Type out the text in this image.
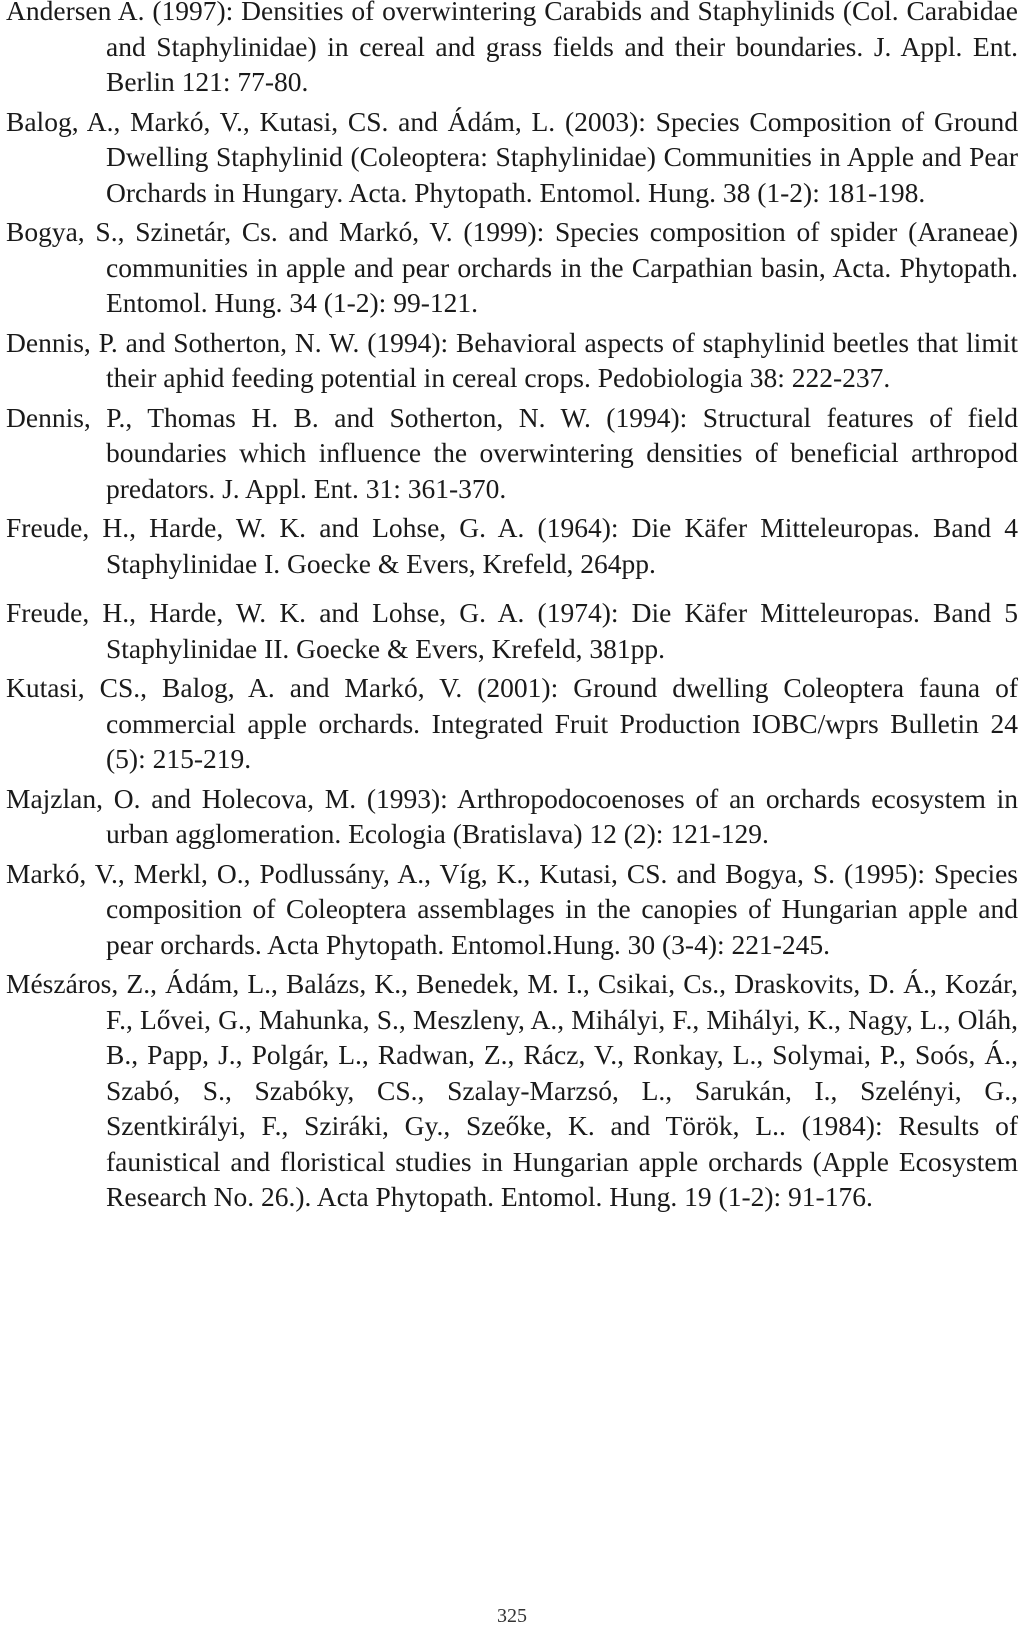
Andersen A. (1997): Densities of overwintering Carabids and Staphylinids (Col. Carabidae and Staphylinidae) in cereal and grass fields and their boundaries. J. Appl. Ent. Berlin 121: 77-80.
Balog, A., Markó, V., Kutasi, CS. and Ádám, L. (2003): Species Composition of Ground Dwelling Staphylinid (Coleoptera: Staphylinidae) Communities in Apple and Pear Orchards in Hungary. Acta. Phytopath. Entomol. Hung. 38 (1-2): 181-198.
Bogya, S., Szinetár, Cs. and Markó, V. (1999): Species composition of spider (Araneae) communities in apple and pear orchards in the Carpathian basin, Acta. Phytopath. Entomol. Hung. 34 (1-2): 99-121.
Dennis, P. and Sotherton, N. W. (1994): Behavioral aspects of staphylinid beetles that limit their aphid feeding potential in cereal crops. Pedobiologia 38: 222-237.
Dennis, P., Thomas H. B. and Sotherton, N. W. (1994): Structural features of field boundaries which influence the overwintering densities of beneficial arthropod predators. J. Appl. Ent. 31: 361-370.
Freude, H., Harde, W. K. and Lohse, G. A. (1964): Die Käfer Mitteleuropas. Band 4 Staphylinidae I. Goecke & Evers, Krefeld, 264pp.
Freude, H., Harde, W. K. and Lohse, G. A. (1974): Die Käfer Mitteleuropas. Band 5 Staphylinidae II. Goecke & Evers, Krefeld, 381pp.
Kutasi, CS., Balog, A. and Markó, V. (2001): Ground dwelling Coleoptera fauna of commercial apple orchards. Integrated Fruit Production IOBC/wprs Bulletin 24 (5): 215-219.
Majzlan, O. and Holecova, M. (1993): Arthropodocoenoses of an orchards ecosystem in urban agglomeration. Ecologia (Bratislava) 12 (2): 121-129.
Markó, V., Merkl, O., Podlussány, A., Víg, K., Kutasi, CS. and Bogya, S. (1995): Species composition of Coleoptera assemblages in the canopies of Hungarian apple and pear orchards. Acta Phytopath. Entomol.Hung. 30 (3-4): 221-245.
Mészáros, Z., Ádám, L., Balázs, K., Benedek, M. I., Csikai, Cs., Draskovits, D. Á., Kozár, F., Lővei, G., Mahunka, S., Meszleny, A., Mihályi, F., Mihályi, K., Nagy, L., Oláh, B., Papp, J., Polgár, L., Radwan, Z., Rácz, V., Ronkay, L., Solymai, P., Soós, Á., Szabó, S., Szabóky, CS., Szalay-Marzsó, L., Sarukán, I., Szelényi, G., Szentkirályi, F., Sziráki, Gy., Szeőke, K. and Török, L.. (1984): Results of faunistical and floristical studies in Hungarian apple orchards (Apple Ecosystem Research No. 26.). Acta Phytopath. Entomol. Hung. 19 (1-2): 91-176.
325
